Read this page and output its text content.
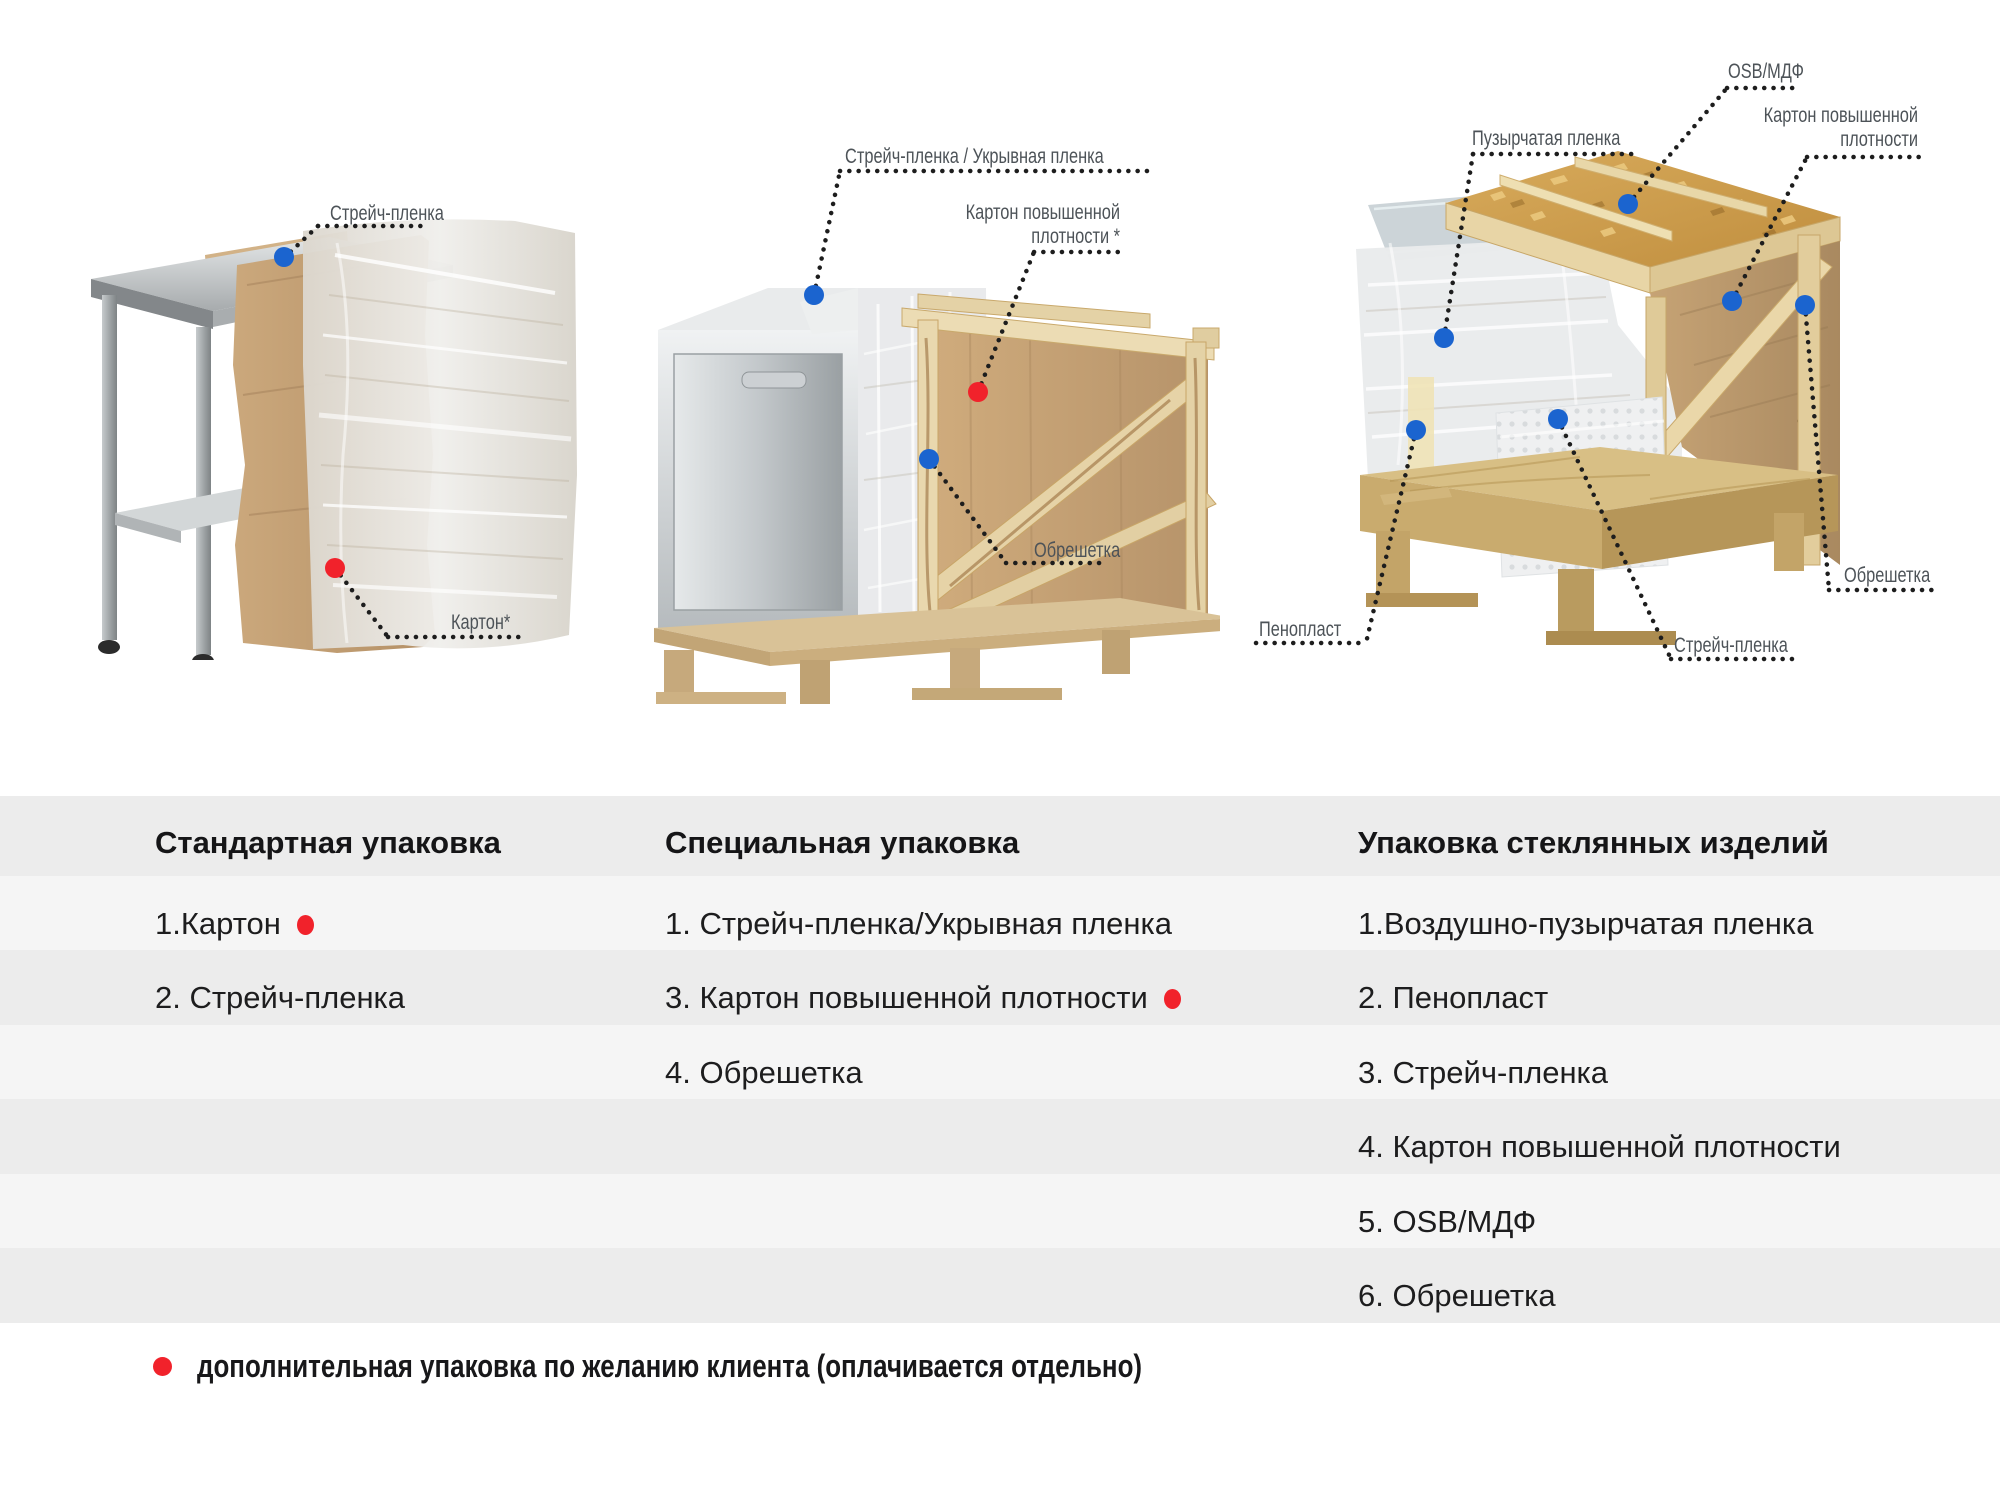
Стрейч-пленка
Картон*
Стрейч-пленка / Укрывная пленка
Картон повышенной
плотности *
Обрешетка
Пузырчатая пленка
OSB/МДФ
Картон повышенной
плотности
Пенопласт
Стрейч-пленка
Обрешетка
Стандартная упаковка	Специальная упаковка	Упаковка стеклянных изделий
1.Картон
2. Стрейч-пленка
1. Стрейч-пленка/Укрывная пленка
3. Картон повышенной плотности
4. Обрешетка
1.Воздушно-пузырчатая пленка
2. Пенопласт
3. Стрейч-пленка
4. Картон повышенной плотности
5. OSB/МДФ
6. Обрешетка
дополнительная упаковка по желанию клиента (оплачивается отдельно)
